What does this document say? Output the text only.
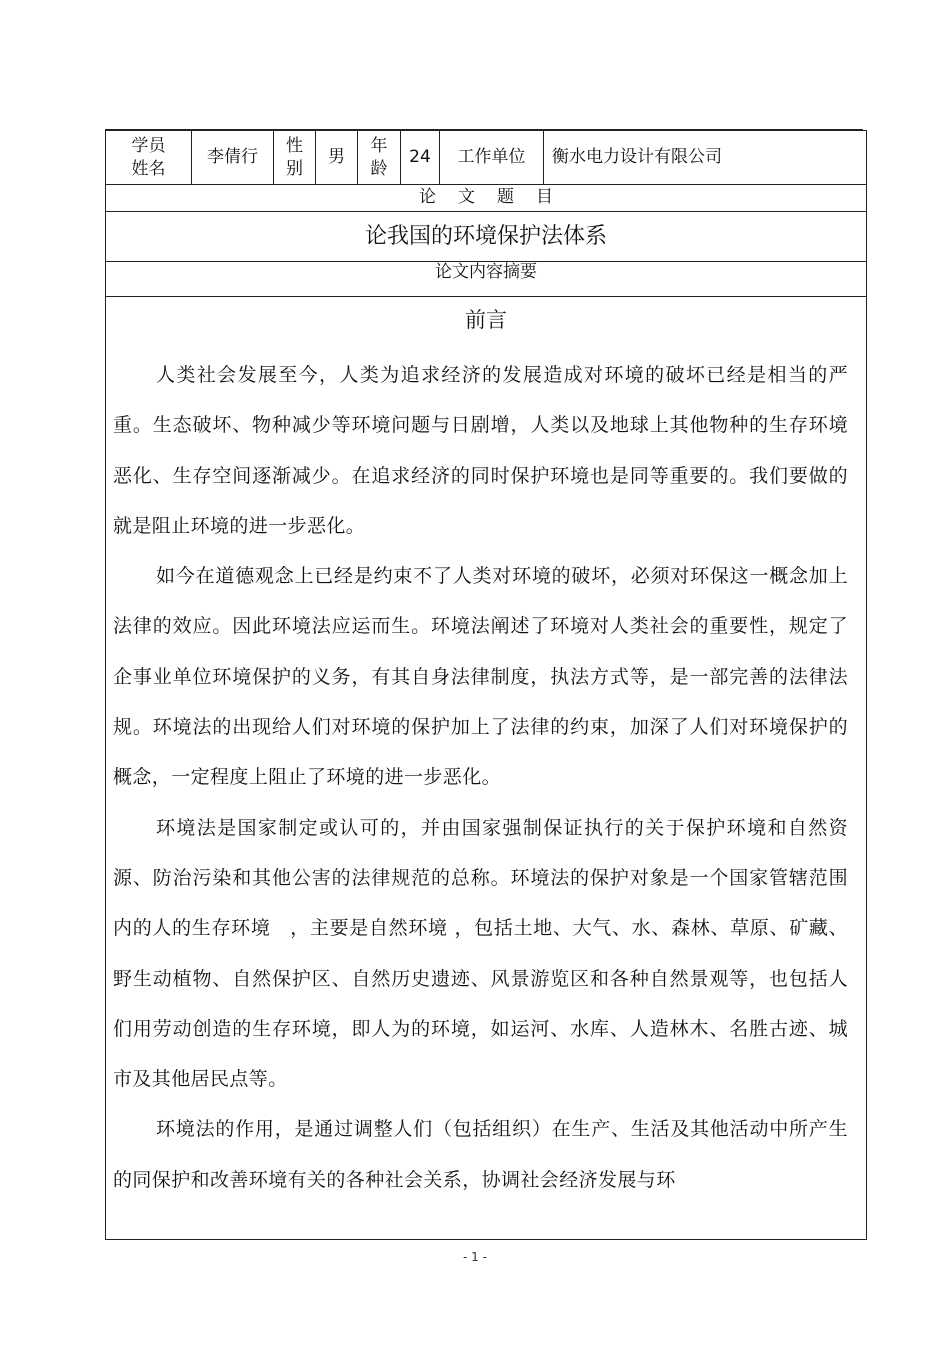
学员
姓名
李倩行
性
别
男
年
龄
24	工作单位	衡水电力设计有限公司
论文题目
论我国的环境保护法体系
论文内容摘要
前言

人类社会发展至今，人类为追求经济的发展造成对环境的破坏已经是相当的严重。生态破坏、物种减少等环境问题与日剧增，人类以及地球上其他物种的生存环境恶化、生存空间逐渐减少。在追求经济的同时保护环境也是同等重要的。我们要做的就是阻止环境的进一步恶化。

如今在道德观念上已经是约束不了人类对环境的破坏，必须对环保这一概念加上法律的效应。因此环境法应运而生。环境法阐述了环境对人类社会的重要性，规定了企事业单位环境保护的义务，有其自身法律制度，执法方式等，是一部完善的法律法规。环境法的出现给人们对环境的保护加上了法律的约束，加深了人们对环境保护的概念，一定程度上阻止了环境的进一步恶化。

环境法是国家制定或认可的，并由国家强制保证执行的关于保护环境和自然资源、防治污染和其他公害的法律规范的总称。环境法的保护对象是一个国家管辖范围内的人的生存环境　，主要是自然环境 ，包括土地、大气、水、森林、草原、矿藏、野生动植物、自然保护区、自然历史遗迹、风景游览区和各种自然景观等，也包括人们用劳动创造的生存环境，即人为的环境，如运河、水库、人造林木、名胜古迹、城市及其他居民点等。

环境法的作用，是通过调整人们（包括组织）在生产、生活及其他活动中所产生的同保护和改善环境有关的各种社会关系，协调社会经济发展与环

- 1 -
